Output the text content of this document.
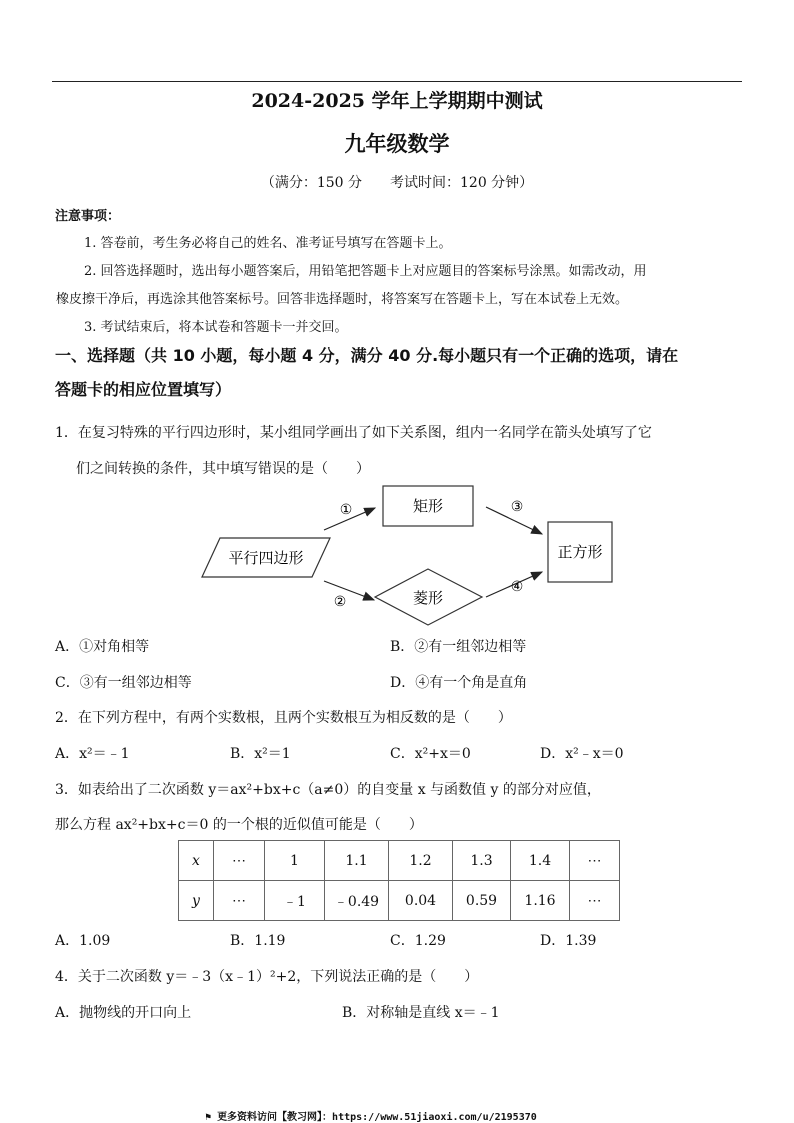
2024-2025 学年上学期期中测试
九年级数学
（满分：150 分　　考试时间：120 分钟）
注意事项：
1. 答卷前，考生务必将自己的姓名、准考证号填写在答题卡上。
2. 回答选择题时，选出每小题答案后，用铅笔把答题卡上对应题目的答案标号涂黑。如需改动，用
橡皮擦干净后，再选涂其他答案标号。回答非选择题时，将答案写在答题卡上，写在本试卷上无效。
3. 考试结束后，将本试卷和答题卡一并交回。
一、选择题（共 10 小题，每小题 4 分，满分 40 分.每小题只有一个正确的选项，请在
答题卡的相应位置填写）
1．在复习特殊的平行四边形时，某小组同学画出了如下关系图，组内一名同学在箭头处填写了它
们之间转换的条件，其中填写错误的是（　　）
平行四边形
矩形
菱形
正方形
①
②
③
④
A．①对角相等	B．②有一组邻边相等
C．③有一组邻边相等	D．④有一个角是直角
2．在下列方程中，有两个实数根，且两个实数根互为相反数的是（　　）
A．x²＝﹣1	B．x²＝1	C．x²+x＝0	D．x²﹣x＝0
3．如表给出了二次函数 y＝ax²+bx+c（a≠0）的自变量 x 与函数值 y 的部分对应值，
那么方程 ax²+bx+c＝0 的一个根的近似值可能是（　　）
x	⋯	1	1.1	1.2	1.3	1.4	⋯
y	⋯	﹣1	﹣0.49	0.04	0.59	1.16	⋯
A．1.09	B．1.19	C．1.29	D．1.39
4．关于二次函数 y＝﹣3（x﹣1）²+2，下列说法正确的是（　　）
A．抛物线的开口向上	B．对称轴是直线 x＝﹣1
⚑ 更多资料访问【教习网】：https://www.51jiaoxi.com/u/2195370
